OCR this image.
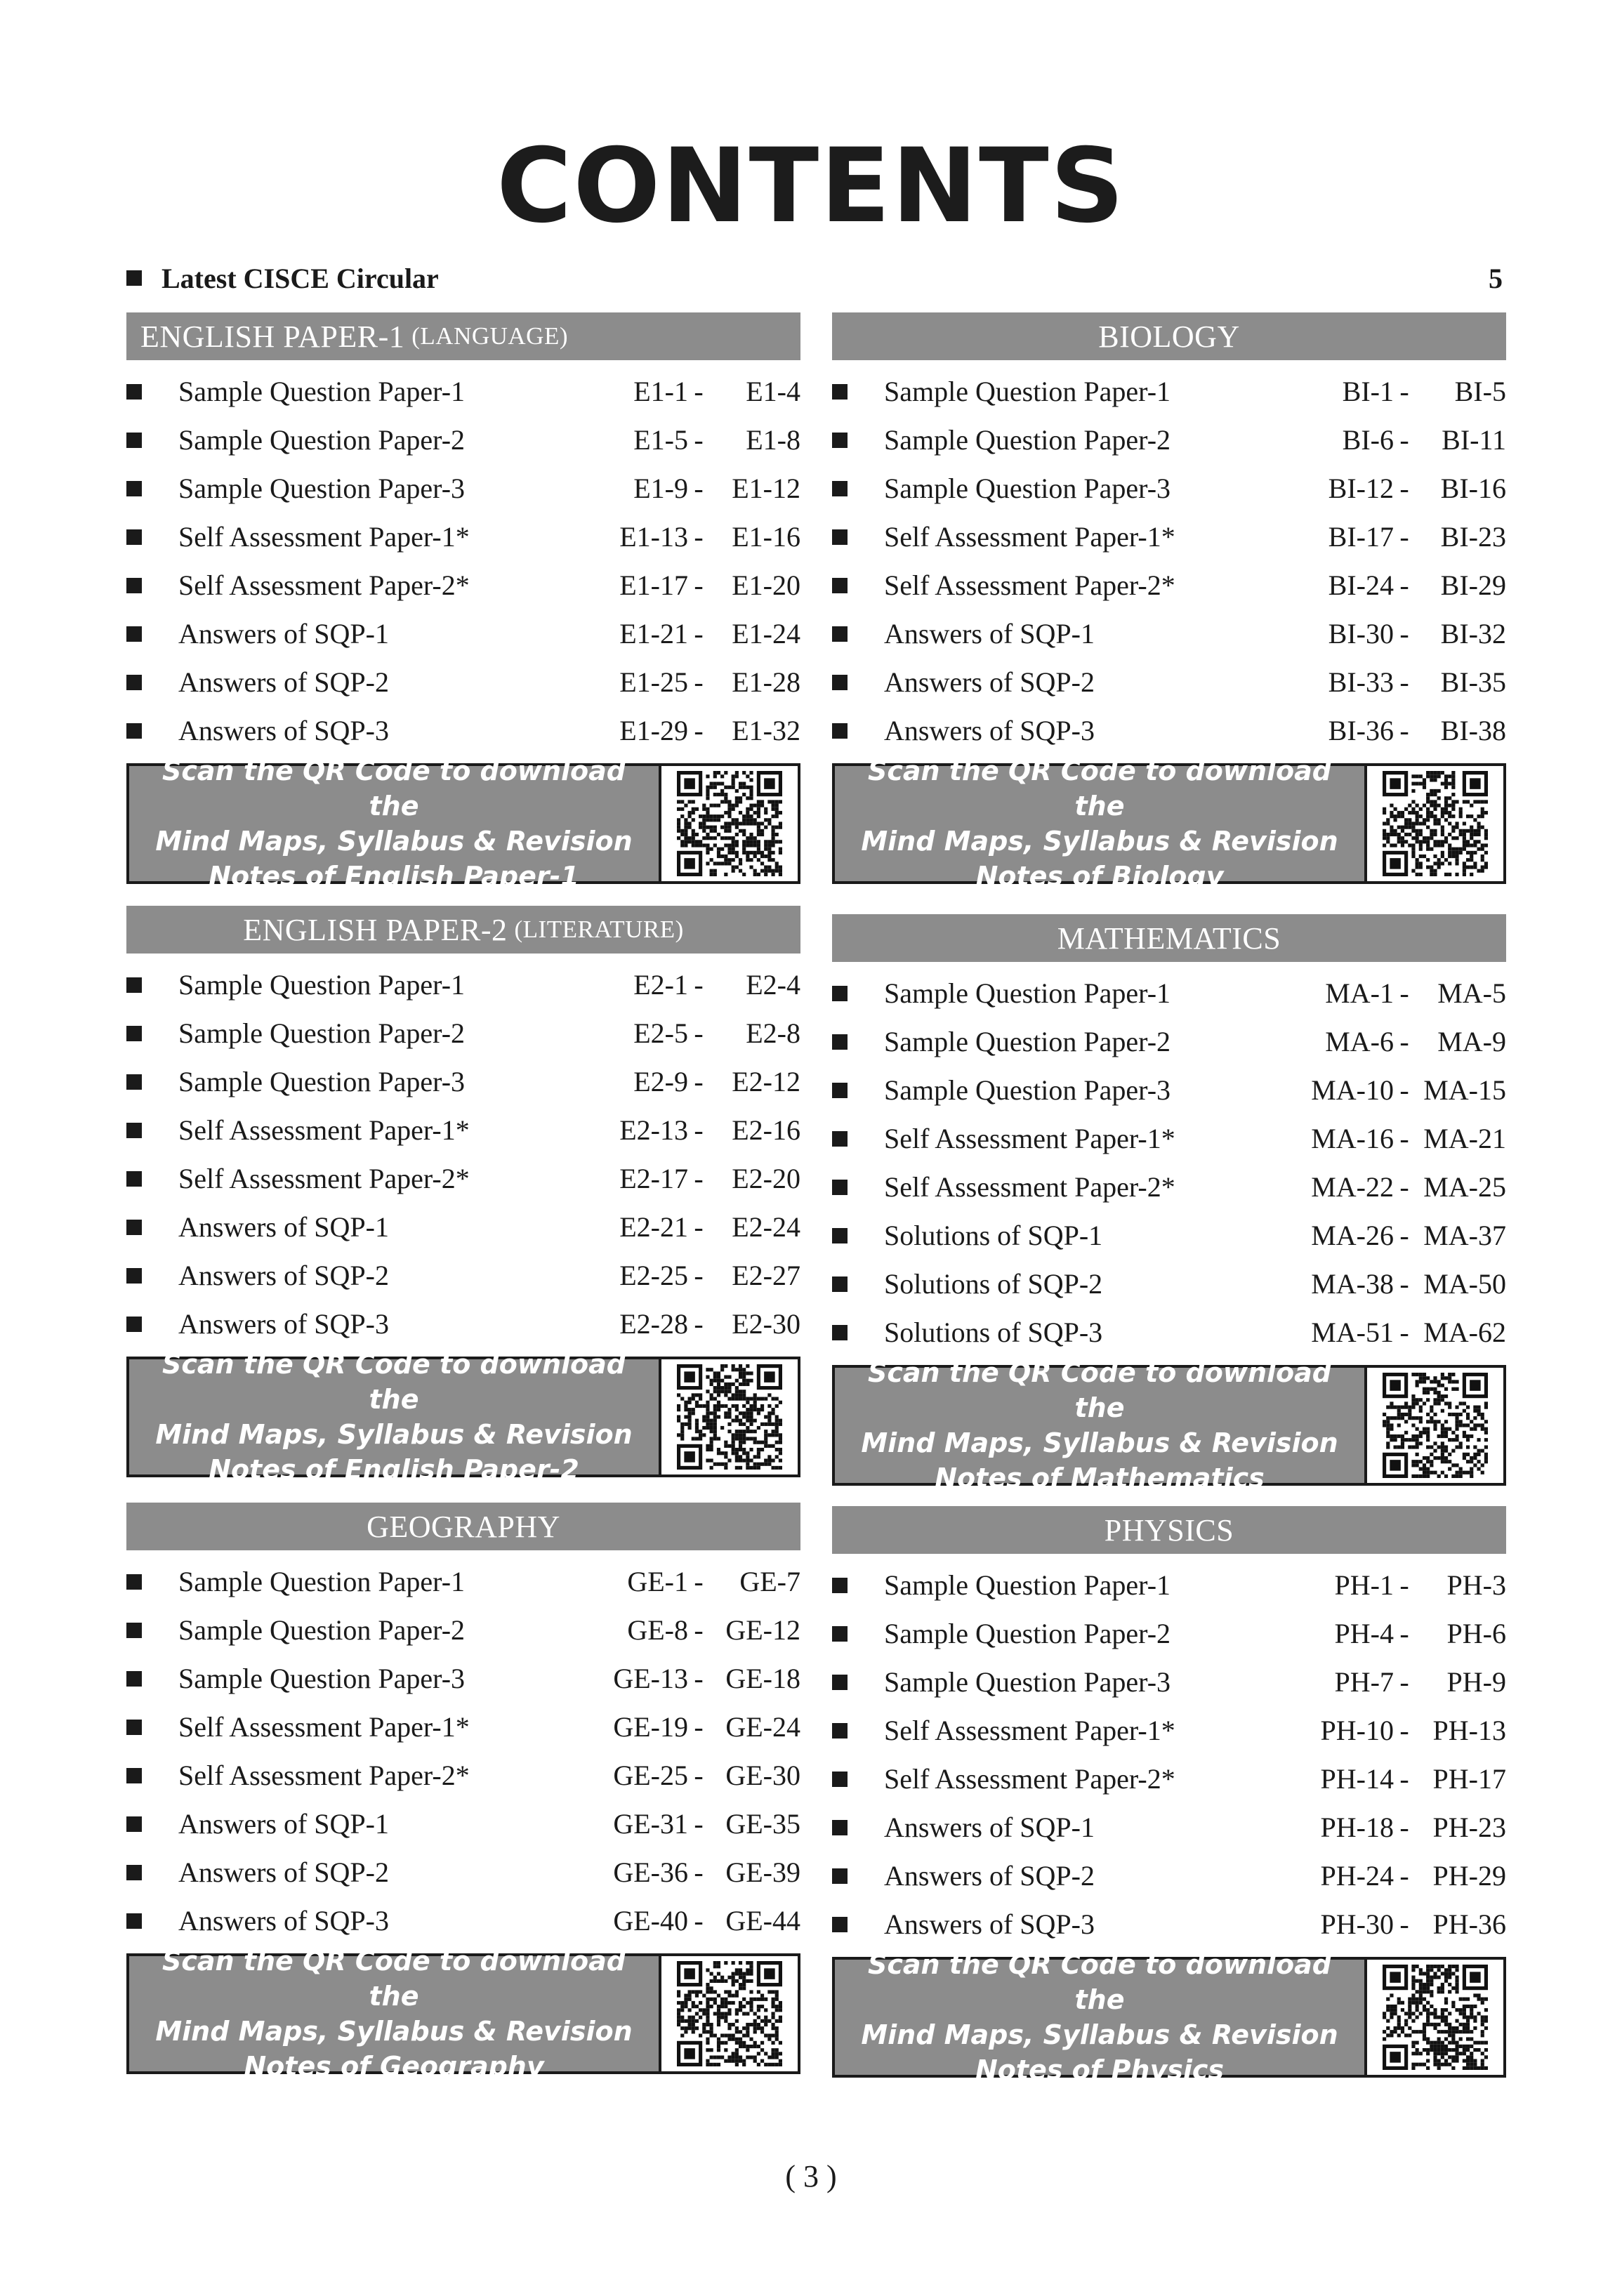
CONTENTS
Latest CISCE Circular	5
ENGLISH PAPER-1 (LANGUAGE)
Sample Question Paper-1	E1-1 -	E1-4
Sample Question Paper-2	E1-5 -	E1-8
Sample Question Paper-3	E1-9 -	E1-12
Self Assessment Paper-1*	E1-13 -	E1-16
Self Assessment Paper-2*	E1-17 -	E1-20
Answers of SQP-1	E1-21 -	E1-24
Answers of SQP-2	E1-25 -	E1-28
Answers of SQP-3	E1-29 -	E1-32
Scan the QR Code to download the
Mind Maps, Syllabus & Revision
Notes of English Paper-1
ENGLISH PAPER-2 (LITERATURE)
Sample Question Paper-1	E2-1 -	E2-4
Sample Question Paper-2	E2-5 -	E2-8
Sample Question Paper-3	E2-9 -	E2-12
Self Assessment Paper-1*	E2-13 -	E2-16
Self Assessment Paper-2*	E2-17 -	E2-20
Answers of SQP-1	E2-21 -	E2-24
Answers of SQP-2	E2-25 -	E2-27
Answers of SQP-3	E2-28 -	E2-30
Scan the QR Code to download the
Mind Maps, Syllabus & Revision
Notes of English Paper-2
GEOGRAPHY
Sample Question Paper-1	GE-1 -	GE-7
Sample Question Paper-2	GE-8 - GE-12
Sample Question Paper-3	GE-13 - GE-18
Self Assessment Paper-1*	GE-19 - GE-24
Self Assessment Paper-2*	GE-25 - GE-30
Answers of SQP-1	GE-31 - GE-35
Answers of SQP-2	GE-36 - GE-39
Answers of SQP-3	GE-40 - GE-44
Scan the QR Code to download the
Mind Maps, Syllabus & Revision
Notes of Geography
BIOLOGY
Sample Question Paper-1	BI-1 -	BI-5
Sample Question Paper-2	BI-6 -	BI-11
Sample Question Paper-3	BI-12 -	BI-16
Self Assessment Paper-1*	BI-17 -	BI-23
Self Assessment Paper-2*	BI-24 -	BI-29
Answers of SQP-1	BI-30 -	BI-32
Answers of SQP-2	BI-33 -	BI-35
Answers of SQP-3	BI-36 -	BI-38
Scan the QR Code to download the
Mind Maps, Syllabus & Revision
Notes of Biology
MATHEMATICS
Sample Question Paper-1	MA-1 -	MA-5
Sample Question Paper-2	MA-6 -	MA-9
Sample Question Paper-3	MA-10 - MA-15
Self Assessment Paper-1*	MA-16 - MA-21
Self Assessment Paper-2*	MA-22 - MA-25
Solutions of SQP-1	MA-26 - MA-37
Solutions of SQP-2	MA-38 - MA-50
Solutions of SQP-3	MA-51 - MA-62
Scan the QR Code to download the
Mind Maps, Syllabus & Revision
Notes of Mathematics
PHYSICS
Sample Question Paper-1	PH-1 -	PH-3
Sample Question Paper-2	PH-4 -	PH-6
Sample Question Paper-3	PH-7 -	PH-9
Self Assessment Paper-1*	PH-10 - PH-13
Self Assessment Paper-2*	PH-14 - PH-17
Answers of SQP-1	PH-18 - PH-23
Answers of SQP-2	PH-24 - PH-29
Answers of SQP-3	PH-30 - PH-36
Scan the QR Code to download the
Mind Maps, Syllabus & Revision
Notes of Physics
( 3 )
